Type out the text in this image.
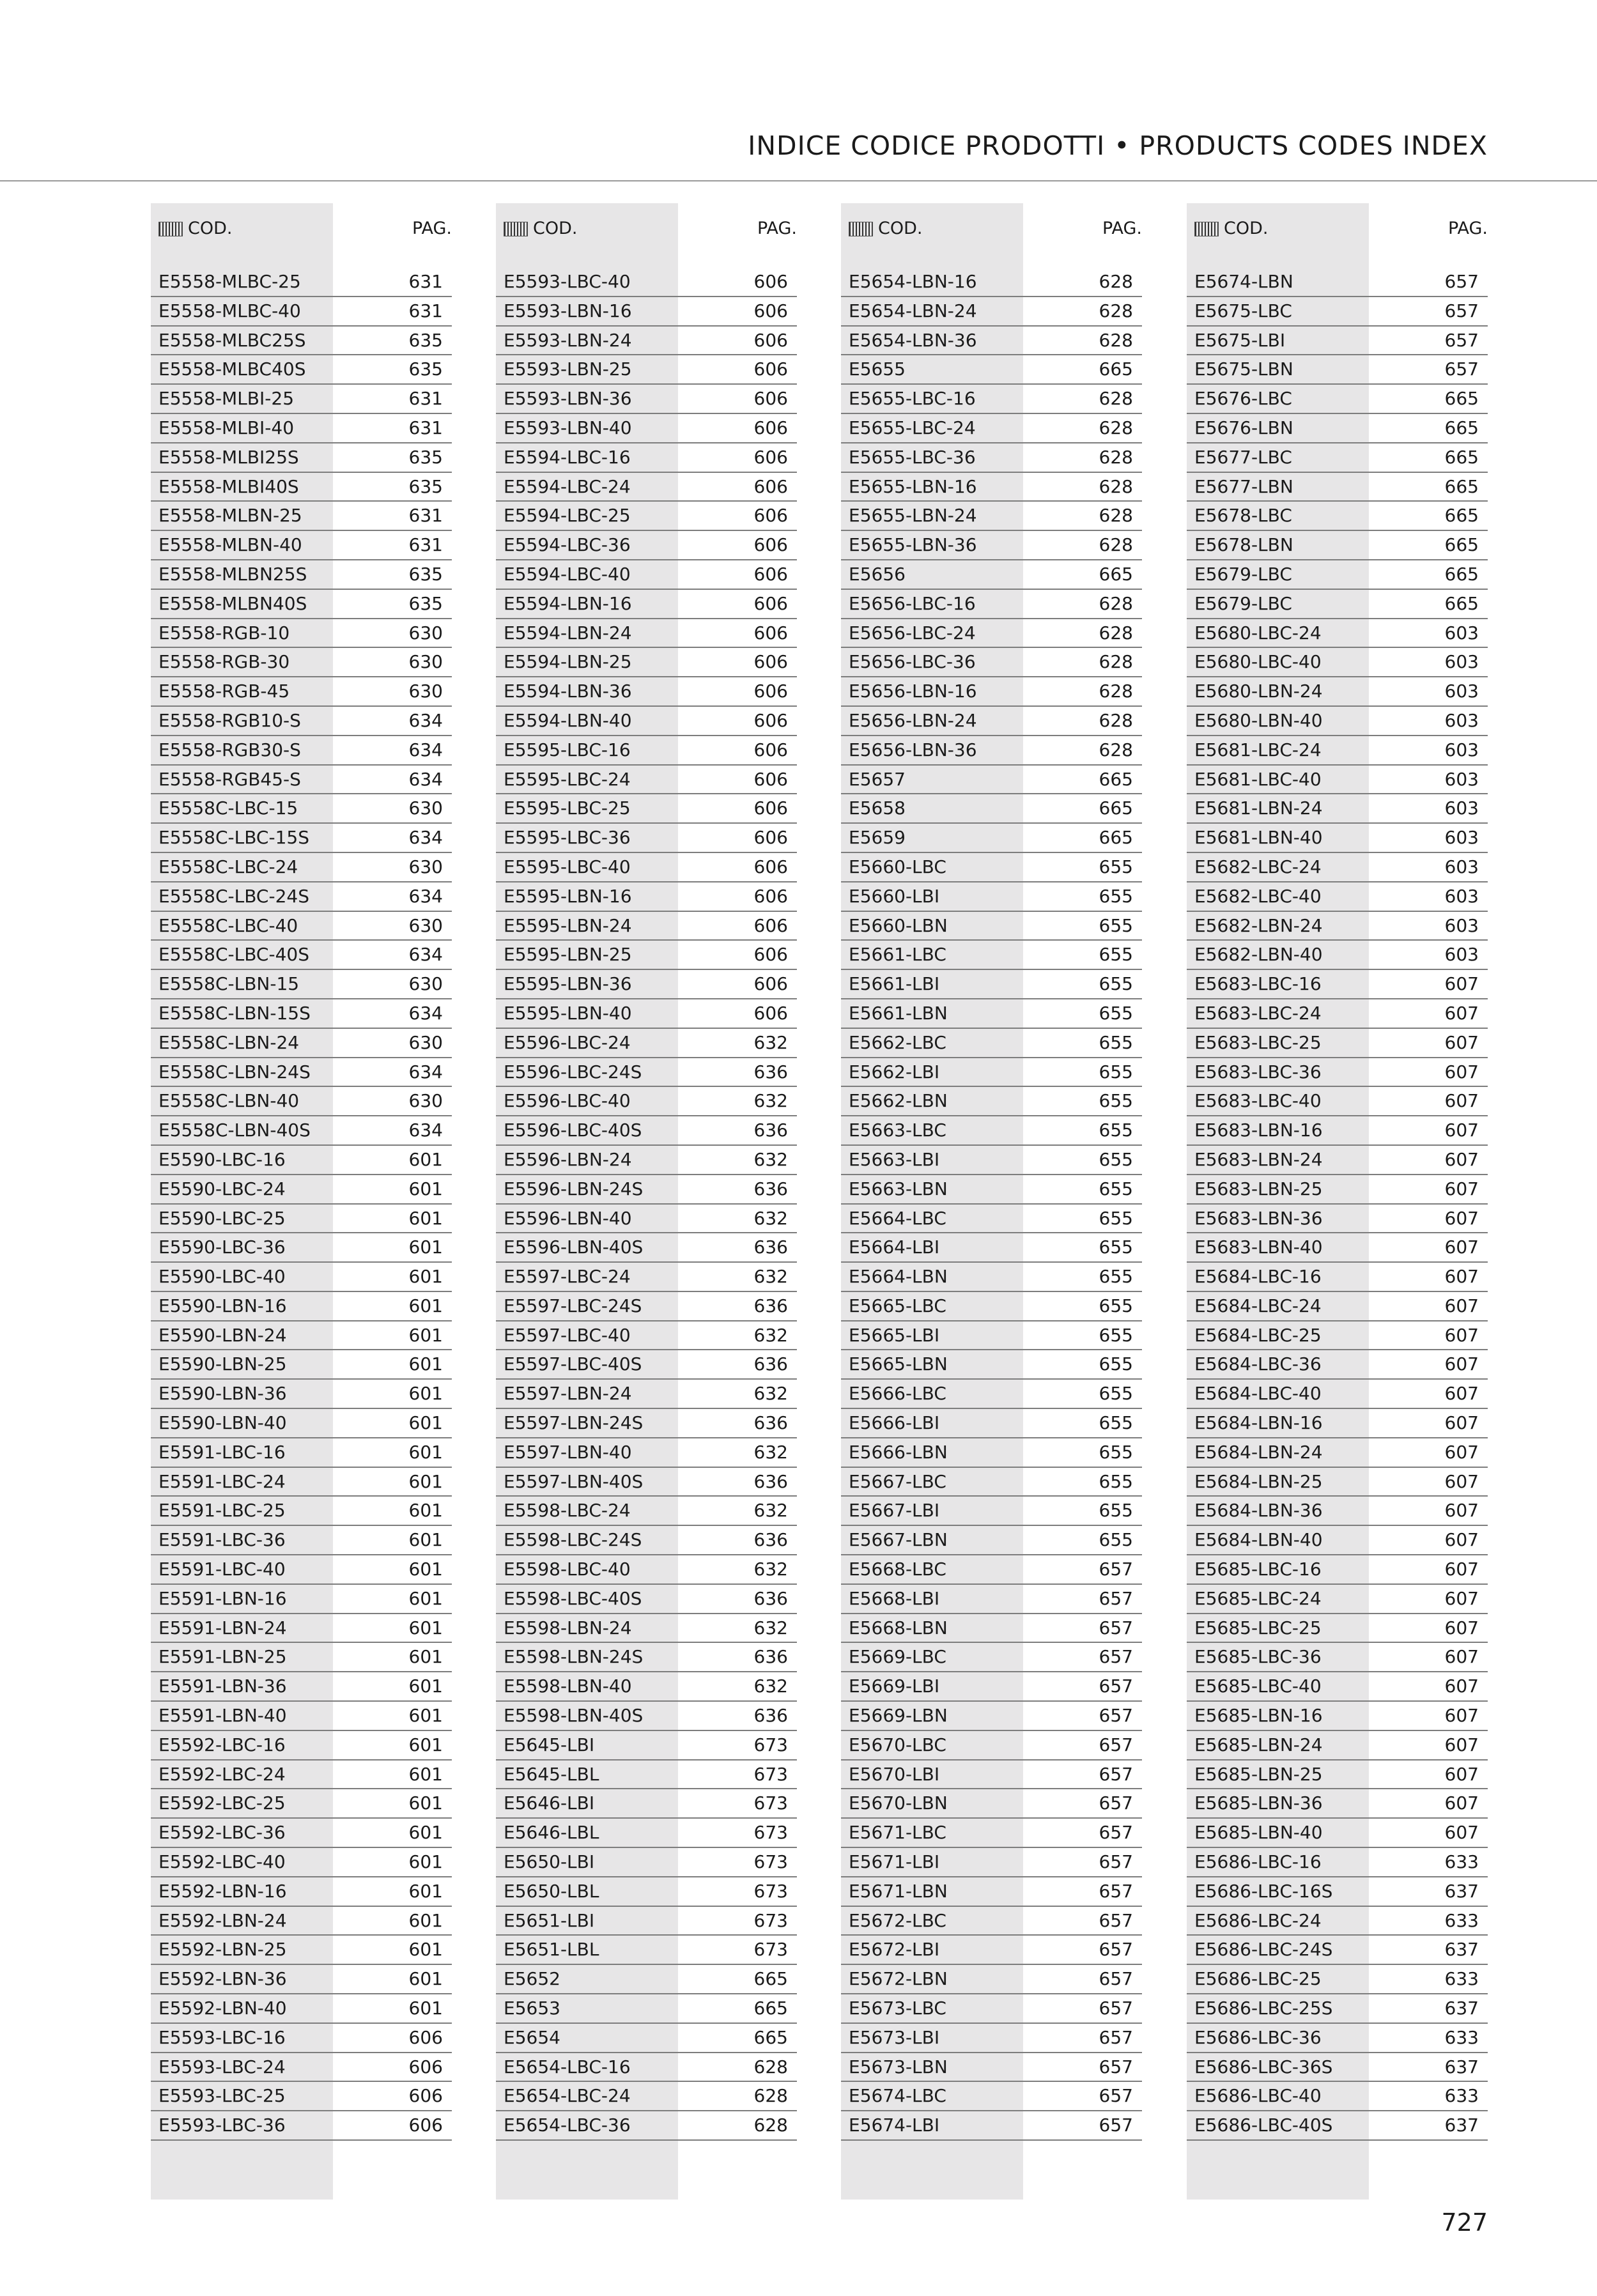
INDICE CODICE PRODOTTI • PRODUCTS CODES INDEX
COD.	PAG.
E5558-MLBC-25	631
E5558-MLBC-40	631
E5558-MLBC25S	635
E5558-MLBC40S	635
E5558-MLBI-25	631
E5558-MLBI-40	631
E5558-MLBI25S	635
E5558-MLBI40S	635
E5558-MLBN-25	631
E5558-MLBN-40	631
E5558-MLBN25S	635
E5558-MLBN40S	635
E5558-RGB-10	630
E5558-RGB-30	630
E5558-RGB-45	630
E5558-RGB10-S	634
E5558-RGB30-S	634
E5558-RGB45-S	634
E5558C-LBC-15	630
E5558C-LBC-15S	634
E5558C-LBC-24	630
E5558C-LBC-24S	634
E5558C-LBC-40	630
E5558C-LBC-40S	634
E5558C-LBN-15	630
E5558C-LBN-15S	634
E5558C-LBN-24	630
E5558C-LBN-24S	634
E5558C-LBN-40	630
E5558C-LBN-40S	634
E5590-LBC-16	601
E5590-LBC-24	601
E5590-LBC-25	601
E5590-LBC-36	601
E5590-LBC-40	601
E5590-LBN-16	601
E5590-LBN-24	601
E5590-LBN-25	601
E5590-LBN-36	601
E5590-LBN-40	601
E5591-LBC-16	601
E5591-LBC-24	601
E5591-LBC-25	601
E5591-LBC-36	601
E5591-LBC-40	601
E5591-LBN-16	601
E5591-LBN-24	601
E5591-LBN-25	601
E5591-LBN-36	601
E5591-LBN-40	601
E5592-LBC-16	601
E5592-LBC-24	601
E5592-LBC-25	601
E5592-LBC-36	601
E5592-LBC-40	601
E5592-LBN-16	601
E5592-LBN-24	601
E5592-LBN-25	601
E5592-LBN-36	601
E5592-LBN-40	601
E5593-LBC-16	606
E5593-LBC-24	606
E5593-LBC-25	606
E5593-LBC-36	606
COD.	PAG.
E5593-LBC-40	606
E5593-LBN-16	606
E5593-LBN-24	606
E5593-LBN-25	606
E5593-LBN-36	606
E5593-LBN-40	606
E5594-LBC-16	606
E5594-LBC-24	606
E5594-LBC-25	606
E5594-LBC-36	606
E5594-LBC-40	606
E5594-LBN-16	606
E5594-LBN-24	606
E5594-LBN-25	606
E5594-LBN-36	606
E5594-LBN-40	606
E5595-LBC-16	606
E5595-LBC-24	606
E5595-LBC-25	606
E5595-LBC-36	606
E5595-LBC-40	606
E5595-LBN-16	606
E5595-LBN-24	606
E5595-LBN-25	606
E5595-LBN-36	606
E5595-LBN-40	606
E5596-LBC-24	632
E5596-LBC-24S	636
E5596-LBC-40	632
E5596-LBC-40S	636
E5596-LBN-24	632
E5596-LBN-24S	636
E5596-LBN-40	632
E5596-LBN-40S	636
E5597-LBC-24	632
E5597-LBC-24S	636
E5597-LBC-40	632
E5597-LBC-40S	636
E5597-LBN-24	632
E5597-LBN-24S	636
E5597-LBN-40	632
E5597-LBN-40S	636
E5598-LBC-24	632
E5598-LBC-24S	636
E5598-LBC-40	632
E5598-LBC-40S	636
E5598-LBN-24	632
E5598-LBN-24S	636
E5598-LBN-40	632
E5598-LBN-40S	636
E5645-LBI	673
E5645-LBL	673
E5646-LBI	673
E5646-LBL	673
E5650-LBI	673
E5650-LBL	673
E5651-LBI	673
E5651-LBL	673
E5652	665
E5653	665
E5654	665
E5654-LBC-16	628
E5654-LBC-24	628
E5654-LBC-36	628
COD.	PAG.
E5654-LBN-16	628
E5654-LBN-24	628
E5654-LBN-36	628
E5655	665
E5655-LBC-16	628
E5655-LBC-24	628
E5655-LBC-36	628
E5655-LBN-16	628
E5655-LBN-24	628
E5655-LBN-36	628
E5656	665
E5656-LBC-16	628
E5656-LBC-24	628
E5656-LBC-36	628
E5656-LBN-16	628
E5656-LBN-24	628
E5656-LBN-36	628
E5657	665
E5658	665
E5659	665
E5660-LBC	655
E5660-LBI	655
E5660-LBN	655
E5661-LBC	655
E5661-LBI	655
E5661-LBN	655
E5662-LBC	655
E5662-LBI	655
E5662-LBN	655
E5663-LBC	655
E5663-LBI	655
E5663-LBN	655
E5664-LBC	655
E5664-LBI	655
E5664-LBN	655
E5665-LBC	655
E5665-LBI	655
E5665-LBN	655
E5666-LBC	655
E5666-LBI	655
E5666-LBN	655
E5667-LBC	655
E5667-LBI	655
E5667-LBN	655
E5668-LBC	657
E5668-LBI	657
E5668-LBN	657
E5669-LBC	657
E5669-LBI	657
E5669-LBN	657
E5670-LBC	657
E5670-LBI	657
E5670-LBN	657
E5671-LBC	657
E5671-LBI	657
E5671-LBN	657
E5672-LBC	657
E5672-LBI	657
E5672-LBN	657
E5673-LBC	657
E5673-LBI	657
E5673-LBN	657
E5674-LBC	657
E5674-LBI	657
COD.	PAG.
E5674-LBN	657
E5675-LBC	657
E5675-LBI	657
E5675-LBN	657
E5676-LBC	665
E5676-LBN	665
E5677-LBC	665
E5677-LBN	665
E5678-LBC	665
E5678-LBN	665
E5679-LBC	665
E5679-LBC	665
E5680-LBC-24	603
E5680-LBC-40	603
E5680-LBN-24	603
E5680-LBN-40	603
E5681-LBC-24	603
E5681-LBC-40	603
E5681-LBN-24	603
E5681-LBN-40	603
E5682-LBC-24	603
E5682-LBC-40	603
E5682-LBN-24	603
E5682-LBN-40	603
E5683-LBC-16	607
E5683-LBC-24	607
E5683-LBC-25	607
E5683-LBC-36	607
E5683-LBC-40	607
E5683-LBN-16	607
E5683-LBN-24	607
E5683-LBN-25	607
E5683-LBN-36	607
E5683-LBN-40	607
E5684-LBC-16	607
E5684-LBC-24	607
E5684-LBC-25	607
E5684-LBC-36	607
E5684-LBC-40	607
E5684-LBN-16	607
E5684-LBN-24	607
E5684-LBN-25	607
E5684-LBN-36	607
E5684-LBN-40	607
E5685-LBC-16	607
E5685-LBC-24	607
E5685-LBC-25	607
E5685-LBC-36	607
E5685-LBC-40	607
E5685-LBN-16	607
E5685-LBN-24	607
E5685-LBN-25	607
E5685-LBN-36	607
E5685-LBN-40	607
E5686-LBC-16	633
E5686-LBC-16S	637
E5686-LBC-24	633
E5686-LBC-24S	637
E5686-LBC-25	633
E5686-LBC-25S	637
E5686-LBC-36	633
E5686-LBC-36S	637
E5686-LBC-40	633
E5686-LBC-40S	637
727
